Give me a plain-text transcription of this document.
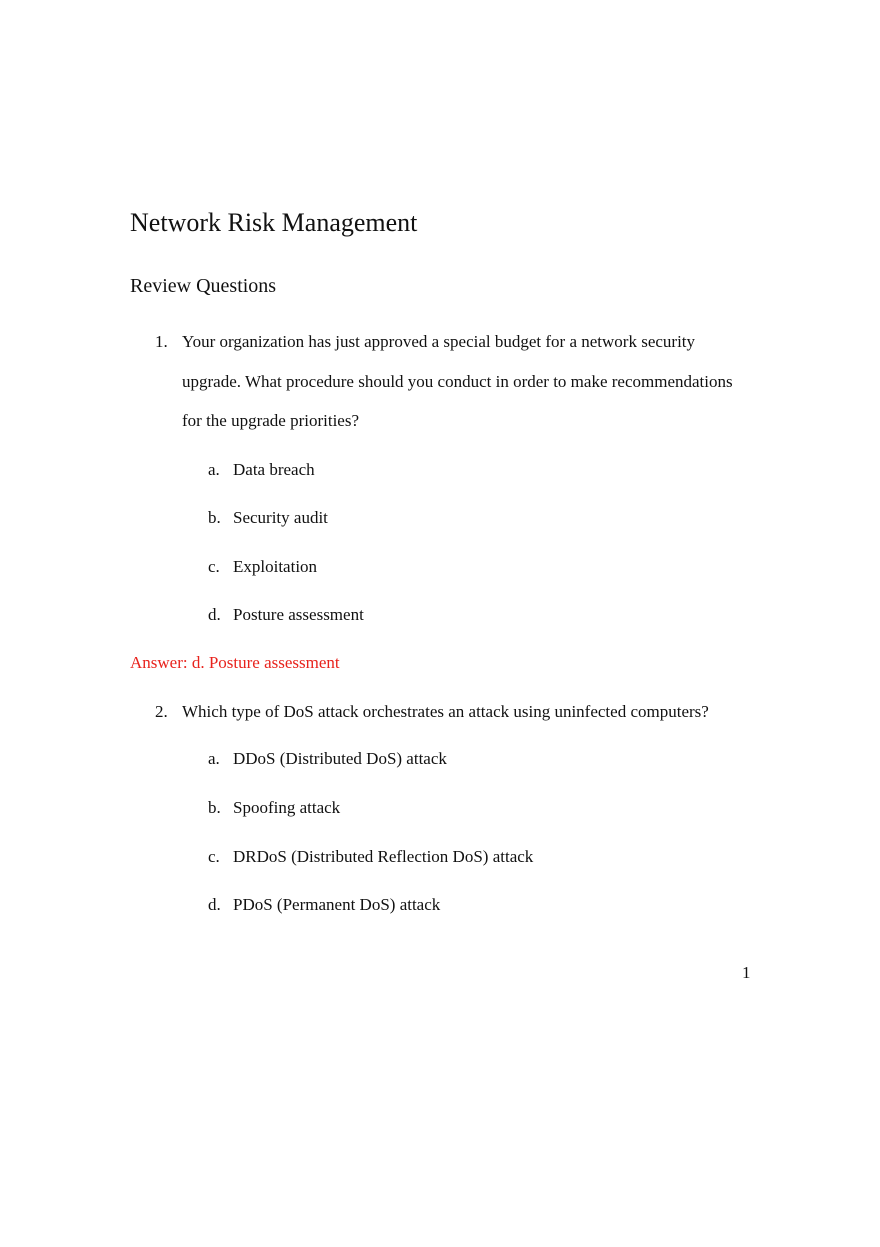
Network Risk Management
Review Questions
1. Your organization has just approved a special budget for a network security
upgrade. What procedure should you conduct in order to make recommendations
for the upgrade priorities?
a. Data breach
b. Security audit
c. Exploitation
d. Posture assessment
Answer: d. Posture assessment
2. Which type of DoS attack orchestrates an attack using uninfected computers?
a. DDoS (Distributed DoS) attack
b. Spoofing attack
c. DRDoS (Distributed Reflection DoS) attack
d. PDoS (Permanent DoS) attack
1
